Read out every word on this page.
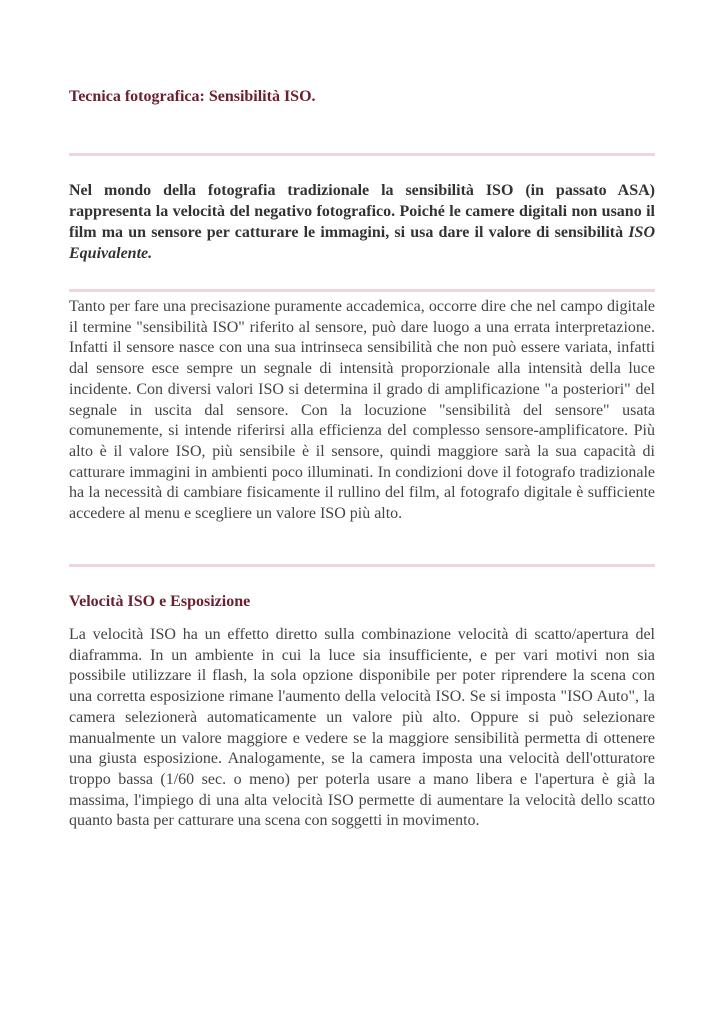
Tecnica fotografica: Sensibilità ISO.
Nel mondo della fotografia tradizionale la sensibilità ISO (in passato ASA) rappresenta la velocità del negativo fotografico. Poiché le camere digitali non usano il film ma un sensore per catturare le immagini, si usa dare il valore di sensibilità ISO Equivalente.
Tanto per fare una precisazione puramente accademica, occorre dire che nel campo digitale il termine "sensibilità ISO" riferito al sensore, può dare luogo a una errata interpretazione. Infatti il sensore nasce con una sua intrinseca sensibilità che non può essere variata, infatti dal sensore esce sempre un segnale di intensità proporzionale alla intensità della luce incidente. Con diversi valori ISO si determina il grado di amplificazione "a posteriori" del segnale in uscita dal sensore. Con la locuzione "sensibilità del sensore" usata comunemente, si intende riferirsi alla efficienza del complesso sensore-amplificatore. Più alto è il valore ISO, più sensibile è il sensore, quindi maggiore sarà la sua capacità di catturare immagini in ambienti poco illuminati. In condizioni dove il fotografo tradizionale ha la necessità di cambiare fisicamente il rullino del film, al fotografo digitale è sufficiente accedere al menu e scegliere un valore ISO più alto.
Velocità ISO e Esposizione
La velocità ISO ha un effetto diretto sulla combinazione velocità di scatto/apertura del diaframma. In un ambiente in cui la luce sia insufficiente, e per vari motivi non sia possibile utilizzare il flash, la sola opzione disponibile per poter riprendere la scena con una corretta esposizione rimane l'aumento della velocità ISO. Se si imposta "ISO Auto", la camera selezionerà automaticamente un valore più alto. Oppure si può selezionare manualmente un valore maggiore e vedere se la maggiore sensibilità permetta di ottenere una giusta esposizione. Analogamente, se la camera imposta una velocità dell'otturatore troppo bassa (1/60 sec. o meno) per poterla usare a mano libera e l'apertura è già la massima, l'impiego di una alta velocità ISO permette di aumentare la velocità dello scatto quanto basta per catturare una scena con soggetti in movimento.
